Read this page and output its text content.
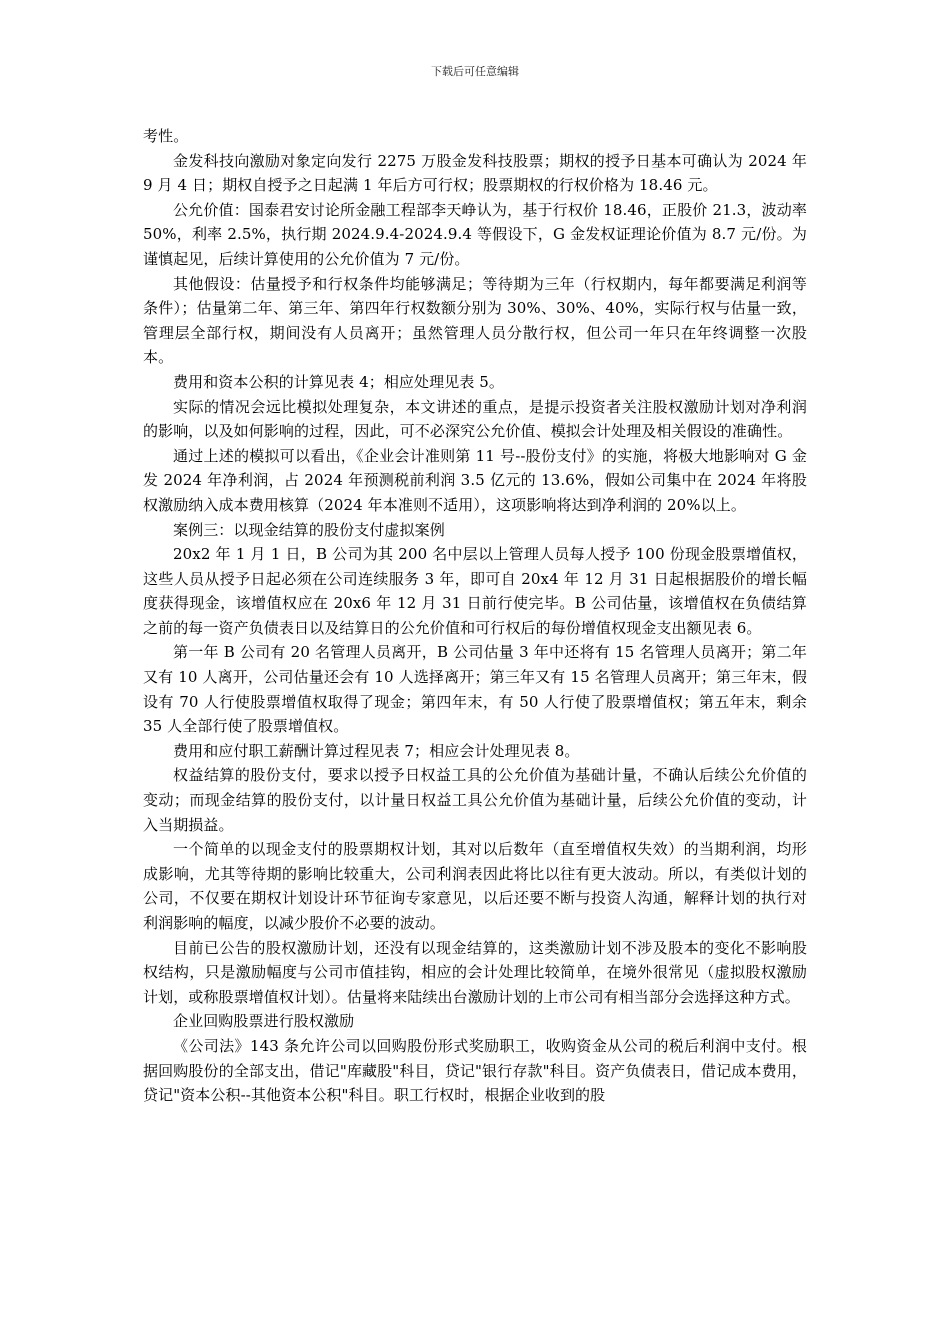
下载后可任意编辑

考性。

金发科技向激励对象定向发行 2275 万股金发科技股票；期权的授予日基本可确认为 2024 年 9 月 4 日；期权自授予之日起满 1 年后方可行权；股票期权的行权价格为 18.46 元。

公允价值：国泰君安讨论所金融工程部李天峥认为，基于行权价 18.46，正股价 21.3，波动率 50%，利率 2.5%，执行期 2024.9.4-2024.9.4 等假设下，G 金发权证理论价值为 8.7 元/份。为谨慎起见，后续计算使用的公允价值为 7 元/份。

其他假设：估量授予和行权条件均能够满足；等待期为三年（行权期内，每年都要满足利润等条件）；估量第二年、第三年、第四年行权数额分别为 30%、30%、40%，实际行权与估量一致，管理层全部行权，期间没有人员离开；虽然管理人员分散行权，但公司一年只在年终调整一次股本。

费用和资本公积的计算见表 4；相应处理见表 5。

实际的情况会远比模拟处理复杂，本文讲述的重点，是提示投资者关注股权激励计划对净利润的影响，以及如何影响的过程，因此，可不必深究公允价值、模拟会计处理及相关假设的准确性。

通过上述的模拟可以看出，《企业会计准则第 11 号--股份支付》的实施，将极大地影响对 G 金发 2024 年净利润，占 2024 年预测税前利润 3.5 亿元的 13.6%，假如公司集中在 2024 年将股权激励纳入成本费用核算（2024 年本准则不适用），这项影响将达到净利润的 20%以上。

案例三：以现金结算的股份支付虚拟案例

20x2 年 1 月 1 日，B 公司为其 200 名中层以上管理人员每人授予 100 份现金股票增值权，这些人员从授予日起必须在公司连续服务 3 年，即可自 20x4 年 12 月 31 日起根据股价的增长幅度获得现金，该增值权应在 20x6 年 12 月 31 日前行使完毕。B 公司估量，该增值权在负债结算之前的每一资产负债表日以及结算日的公允价值和可行权后的每份增值权现金支出额见表 6。

第一年 B 公司有 20 名管理人员离开，B 公司估量 3 年中还将有 15 名管理人员离开；第二年又有 10 人离开，公司估量还会有 10 人选择离开；第三年又有 15 名管理人员离开；第三年末，假设有 70 人行使股票增值权取得了现金；第四年末，有 50 人行使了股票增值权；第五年末，剩余 35 人全部行使了股票增值权。

费用和应付职工薪酬计算过程见表 7；相应会计处理见表 8。

权益结算的股份支付，要求以授予日权益工具的公允价值为基础计量，不确认后续公允价值的变动；而现金结算的股份支付，以计量日权益工具公允价值为基础计量，后续公允价值的变动，计入当期损益。

一个简单的以现金支付的股票期权计划，其对以后数年（直至增值权失效）的当期利润，均形成影响，尤其等待期的影响比较重大，公司利润表因此将比以往有更大波动。所以，有类似计划的公司，不仅要在期权计划设计环节征询专家意见，以后还要不断与投资人沟通，解释计划的执行对利润影响的幅度，以减少股价不必要的波动。

目前已公告的股权激励计划，还没有以现金结算的，这类激励计划不涉及股本的变化不影响股权结构，只是激励幅度与公司市值挂钩，相应的会计处理比较简单，在境外很常见（虚拟股权激励计划，或称股票增值权计划）。估量将来陆续出台激励计划的上市公司有相当部分会选择这种方式。

企业回购股票进行股权激励

《公司法》143 条允许公司以回购股份形式奖励职工，收购资金从公司的税后利润中支付。根据回购股份的全部支出，借记"库藏股"科目，贷记"银行存款"科目。资产负债表日，借记成本费用，贷记"资本公积--其他资本公积"科目。职工行权时，根据企业收到的股
